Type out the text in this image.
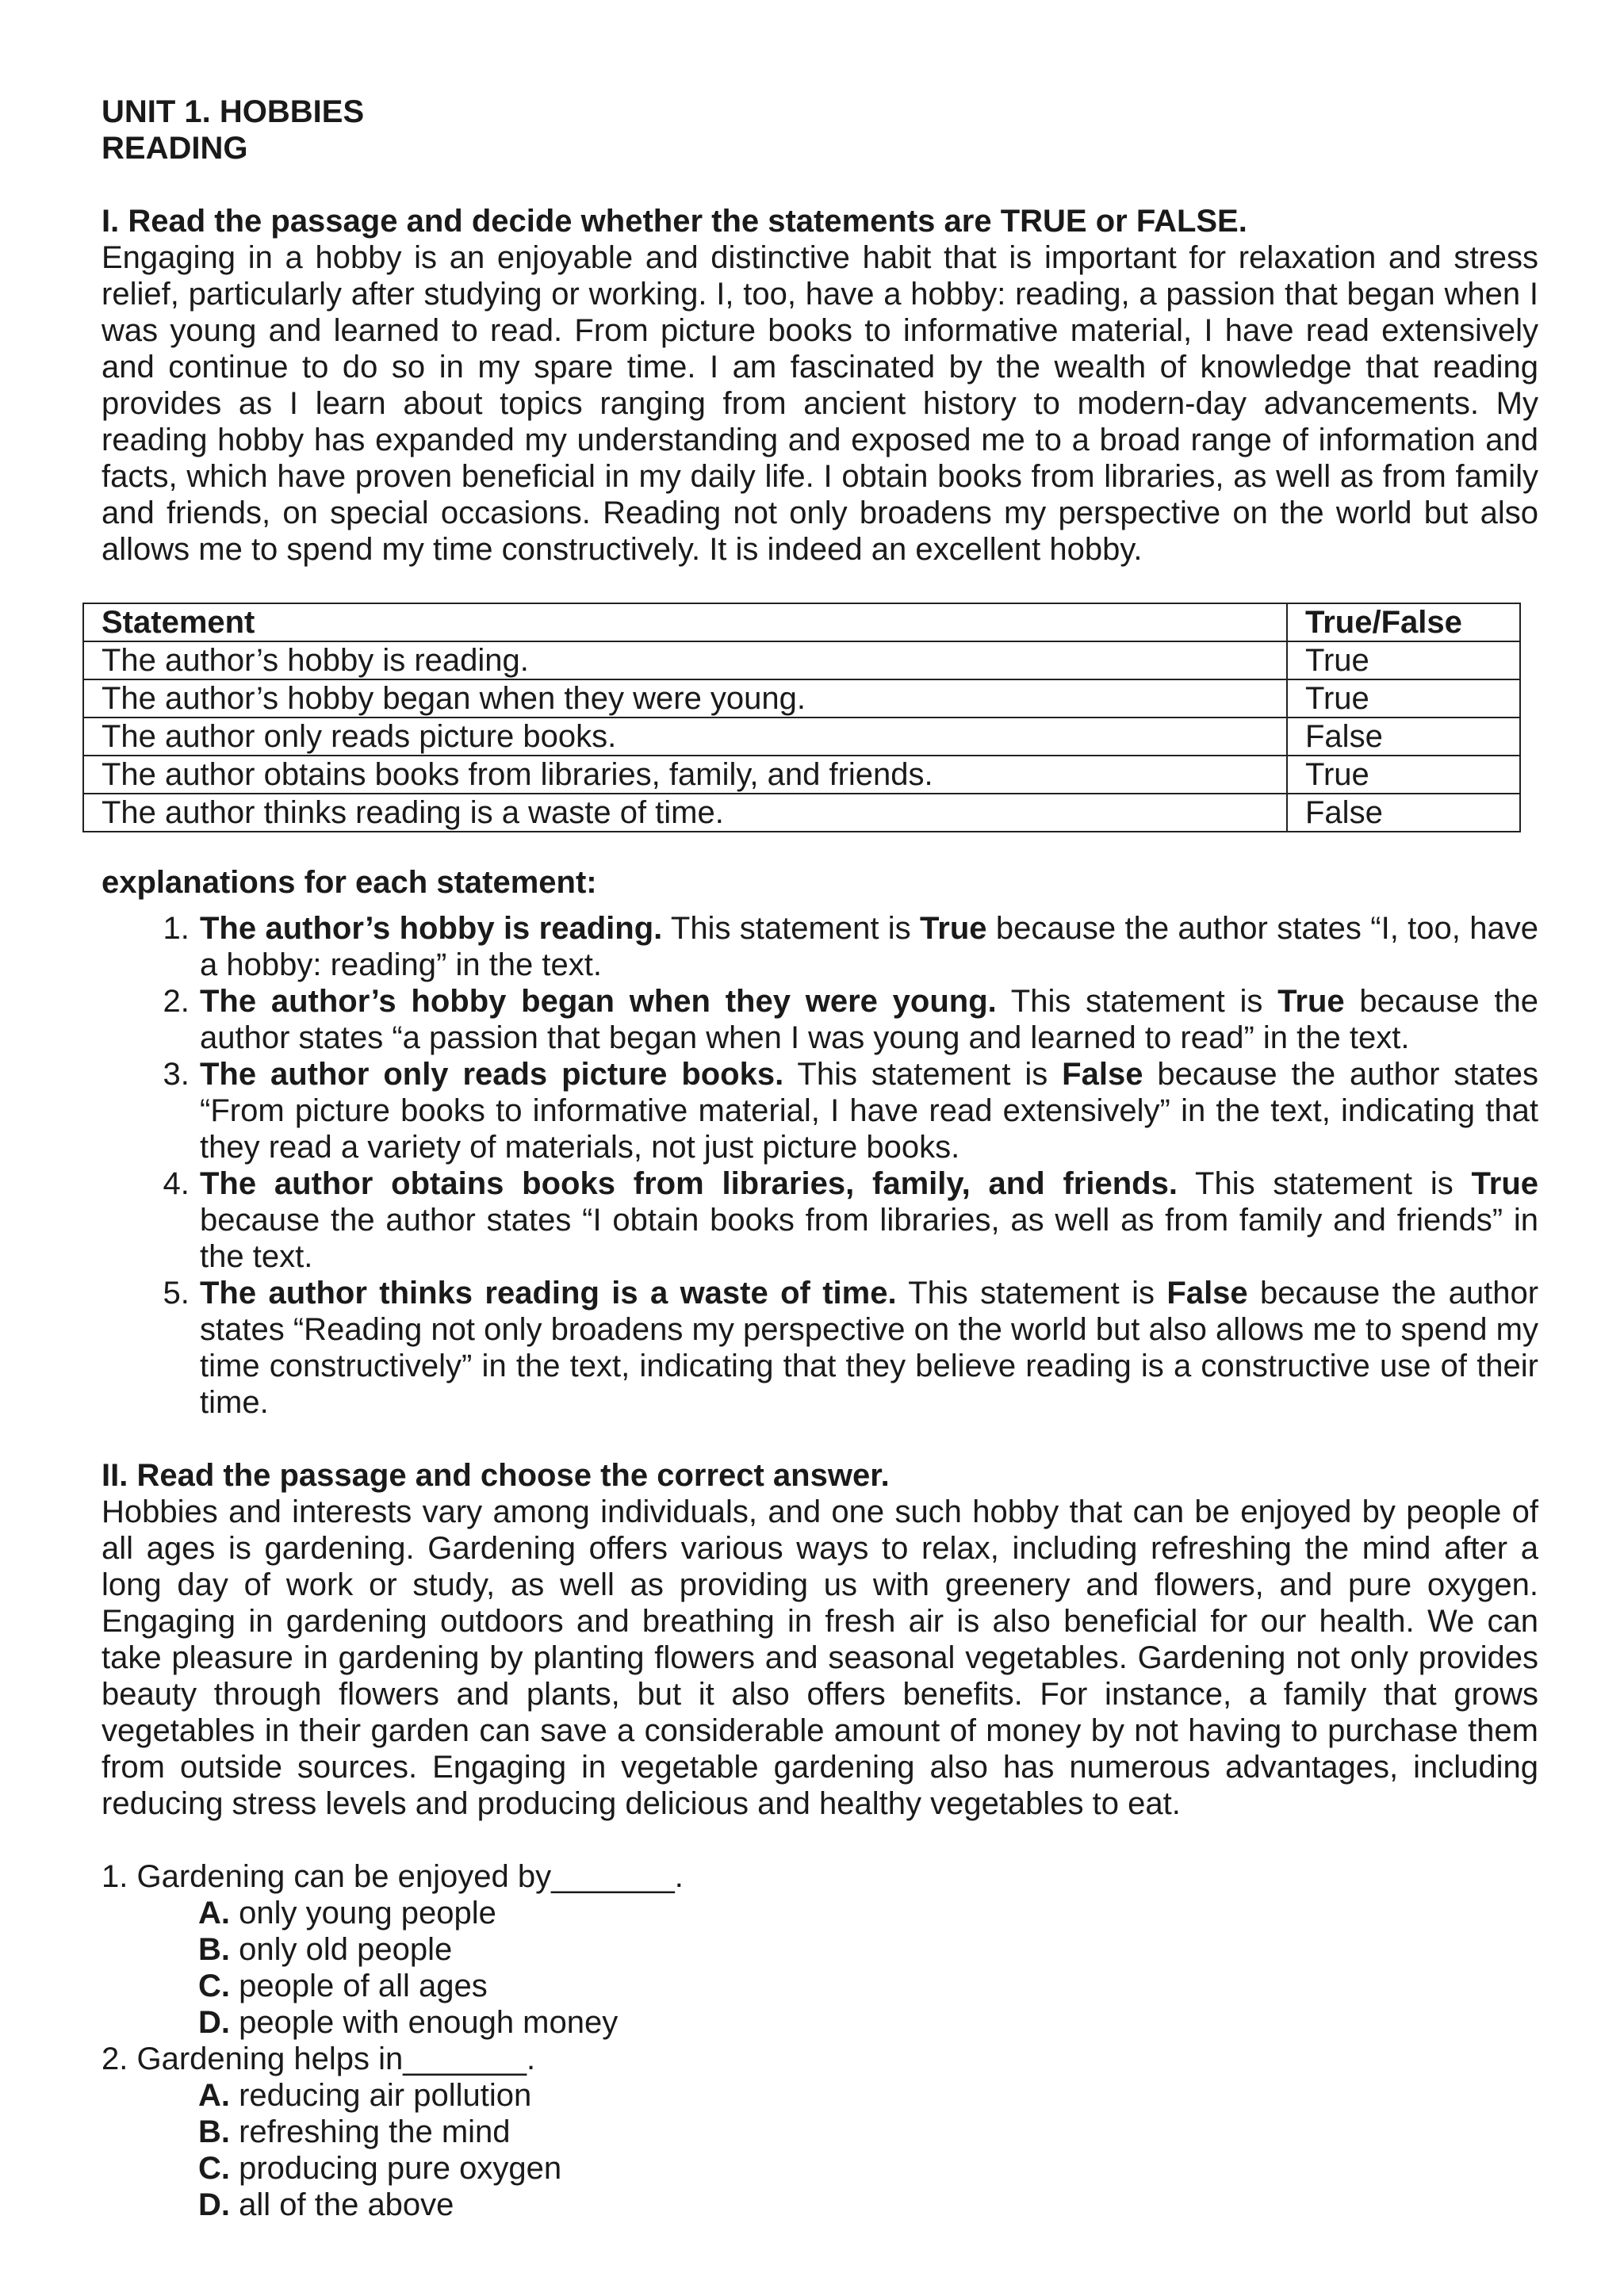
UNIT 1. HOBBIES
READING
I. Read the passage and decide whether the statements are TRUE or FALSE.

Engaging in a hobby is an enjoyable and distinctive habit that is important for relaxation and stress relief, particularly after studying or working. I, too, have a hobby: reading, a passion that began when I was young and learned to read. From picture books to informative material, I have read extensively and continue to do so in my spare time. I am fascinated by the wealth of knowledge that reading provides as I learn about topics ranging from ancient history to modern-day advancements. My reading hobby has expanded my understanding and exposed me to a broad range of information and facts, which have proven beneficial in my daily life. I obtain books from libraries, as well as from family and friends, on special occasions. Reading not only broadens my perspective on the world but also allows me to spend my time constructively. It is indeed an excellent hobby.

Statement	True/False
The author’s hobby is reading.	True
The author’s hobby began when they were young.	True
The author only reads picture books.	False
The author obtains books from libraries, family, and friends.	True
The author thinks reading is a waste of time.	False
explanations for each statement:
1. The author’s hobby is reading. This statement is True because the author states “I, too, have a hobby: reading” in the text.
2. The author’s hobby began when they were young. This statement is True because the author states “a passion that began when I was young and learned to read” in the text.
3. The author only reads picture books. This statement is False because the author states “From picture books to informative material, I have read extensively” in the text, indicating that they read a variety of materials, not just picture books.
4. The author obtains books from libraries, family, and friends. This statement is True because the author states “I obtain books from libraries, as well as from family and friends” in the text.
5. The author thinks reading is a waste of time. This statement is False because the author states “Reading not only broadens my perspective on the world but also allows me to spend my time constructively” in the text, indicating that they believe reading is a constructive use of their time.
II. Read the passage and choose the correct answer.

Hobbies and interests vary among individuals, and one such hobby that can be enjoyed by people of all ages is gardening. Gardening offers various ways to relax, including refreshing the mind after a long day of work or study, as well as providing us with greenery and flowers, and pure oxygen. Engaging in gardening outdoors and breathing in fresh air is also beneficial for our health. We can take pleasure in gardening by planting flowers and seasonal vegetables. Gardening not only provides beauty through flowers and plants, but it also offers benefits. For instance, a family that grows vegetables in their garden can save a considerable amount of money by not having to purchase them from outside sources. Engaging in vegetable gardening also has numerous advantages, including reducing stress levels and producing delicious and healthy vegetables to eat.

1. Gardening can be enjoyed by_______.
A. only young people
B. only old people
C. people of all ages
D. people with enough money
2. Gardening helps in_______.
A. reducing air pollution
B. refreshing the mind
C. producing pure oxygen
D. all of the above
